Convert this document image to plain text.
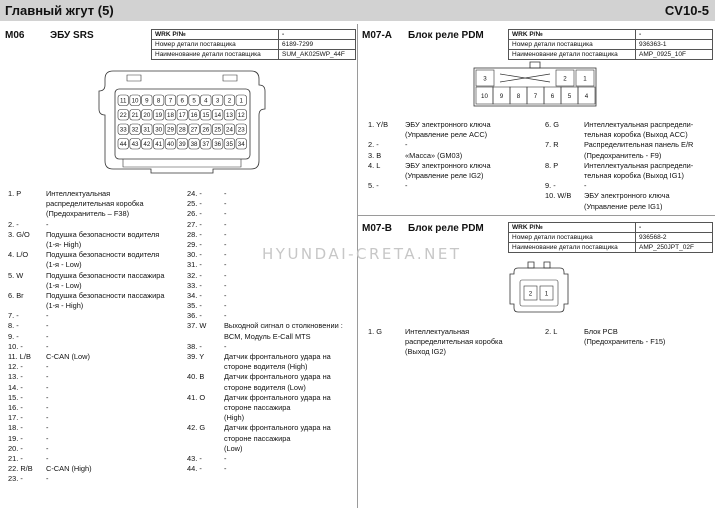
Главный жгут (5)	CV10-5
M06	ЭБУ SRS	WRK P/№	-
Номер детали поставщика	6189-7299
Наименование детали поставщика	SUM_AK025WP_44F
11 10 9 8 7 6 5 4 3 2 1
22 21 20 19 18 17 16 15 14 13 12
33 32 31 30 29 28 27 26 25 24 23
44 43 42 41 40 39 38 37 36 35 34
1. P	Интеллектуальная
распределительная коробка
(Предохранитель – F38)
2. -	-
3. G/O Подушка безопасности водителя
(1-я- High)
4. L/O Подушка безопасности водителя
(1-я - Low)
5. W	Подушка безопасности пассажира
(1-я - Low)
6. Br	Подушка безопасности пассажира
(1-я - High)
7. -	-
8. -	-
9. -	-
10. -	-
11. L/B C-CAN (Low)
12. -	-
13. -	-
14. -	-
15. -	-
16. -	-
17. -	-
18. -	-
19. -	-
20. -	-
21. -	-
22. R/B C-CAN (High)
23. -	-
24. -	-
25. -	-
26. -	-
27. -	-
28. -	-
29. -	-
30. -	-
31. -	-
32. -	-
33. -	-
34. -	-
35. -	-
36. -	-
37. W Выходной сигнал о столкновении :
BCM, Модуль E-Call MTS
38. -	-
39. Y	Датчик фронтального удара на
стороне водителя (High)
40. B	Датчик фронтального удара на
стороне водителя (Low)
41. O	Датчик фронтального удара на
стороне пассажира
(High)
42. G	Датчик фронтального удара на
стороне пассажира
(Low)
43. -	-
44. -	-
M07-A Блок реле PDM	WRK P/№	-
Номер детали поставщика	936363-1
Наименование детали поставщика	AMP_0925_10F
3	2	1
10 9 8 7 6 5 4
1. Y/B ЭБУ электронного ключа
(Управление реле ACC)
2. -	-
3. B	«Масса» (GM03)
4. L	ЭБУ электронного ключа
(Управление реле IG2)
5. -	-
6. G	Интеллектуальная распредели-
тельная коробка (Выход ACC)
7. R	Распределительная панель E/R
(Предохранитель - F9)
8. P	Интеллектуальная распредели-
тельная коробка (Выход IG1)
9. -	-
10. W/B ЭБУ электронного ключа
(Управление реле IG1)
M07-B Блок реле PDM	WRK P/№	-
Номер детали поставщика	936568-2
Наименование детали поставщика	AMP_250JPT_02F
2 1
1. G	Интеллектуальная
распределительная коробка
(Выход IG2)
2. L	Блок PCB
(Предохранитель - F15)
HYUNDAI-CRETA.NET
